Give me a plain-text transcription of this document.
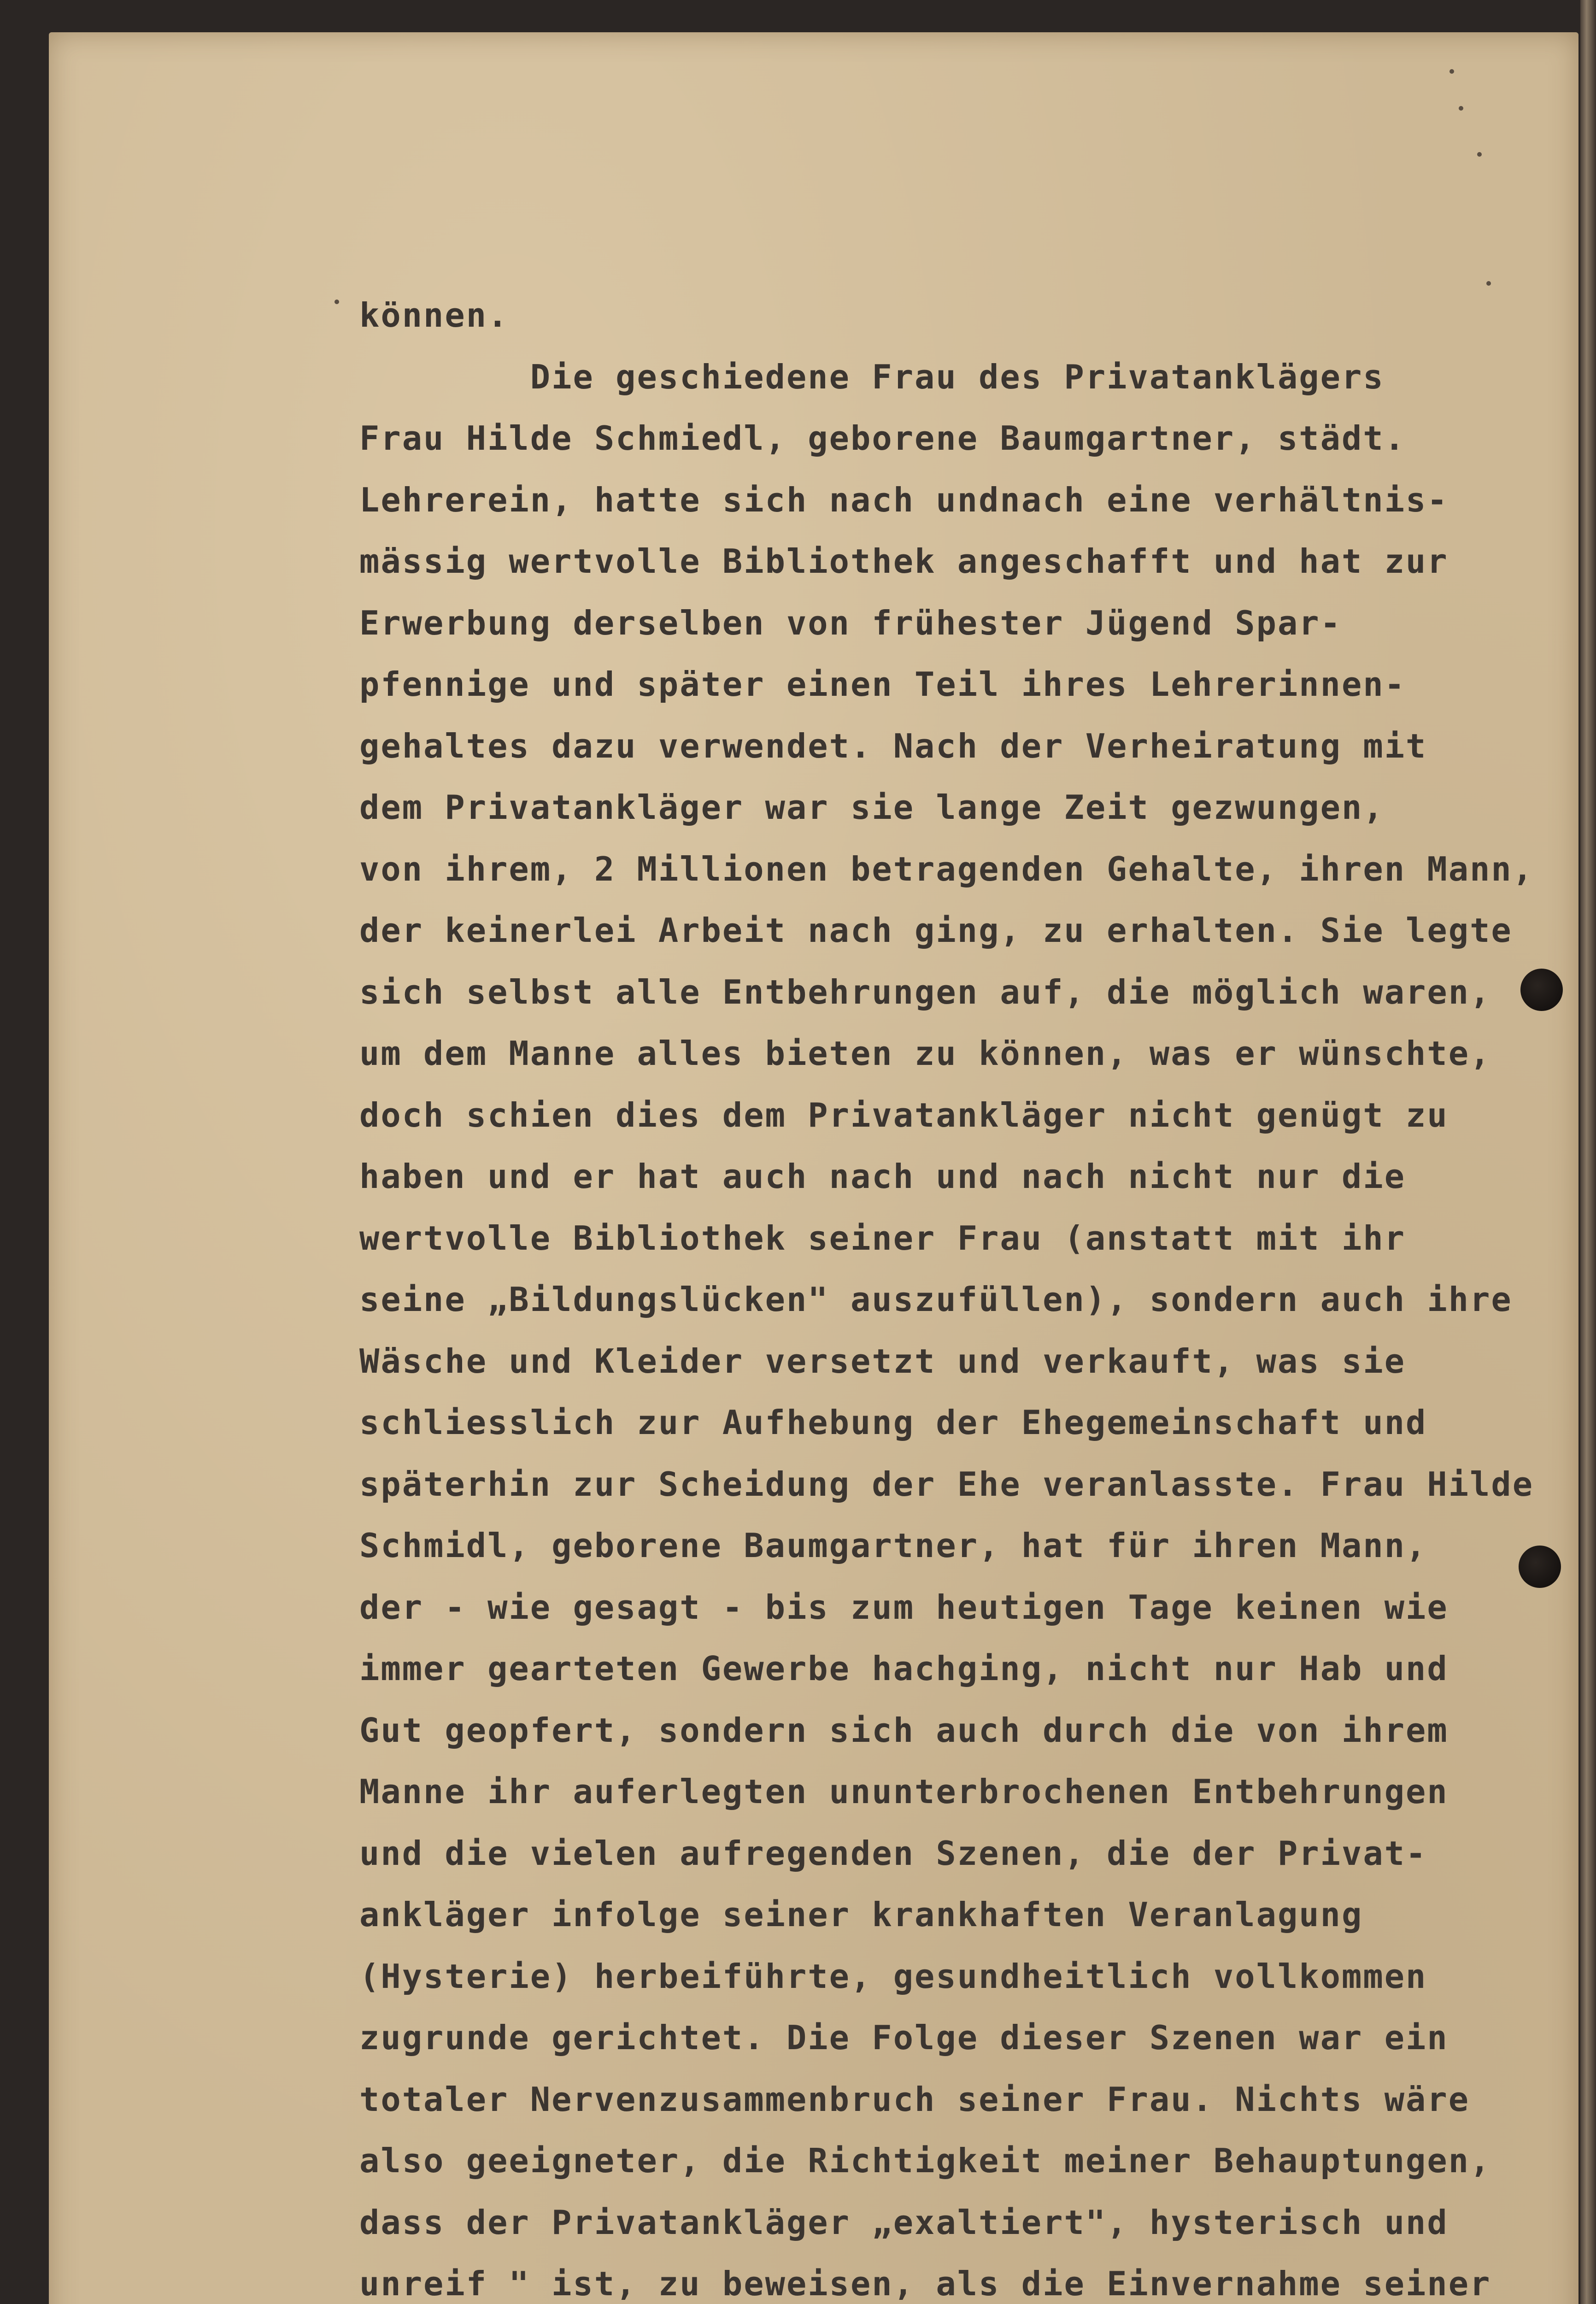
können.
Die geschiedene Frau des Privatanklägers
Frau Hilde Schmiedl, geborene Baumgartner, städt.
Lehrerein, hatte sich nach undnach eine verhältnis-
mässig wertvolle Bibliothek angeschafft und hat zur
Erwerbung derselben von frühester Jügend Spar-
pfennige und später einen Teil ihres Lehrerinnen-
gehaltes dazu verwendet. Nach der Verheiratung mit
dem Privatankläger war sie lange Zeit gezwungen,
von ihrem, 2 Millionen betragenden Gehalte, ihren Mann,
der keinerlei Arbeit nach ging, zu erhalten. Sie legte
sich selbst alle Entbehrungen auf, die möglich waren,
um dem Manne alles bieten zu können, was er wünschte,
doch schien dies dem Privatankläger nicht genügt zu
haben und er hat auch nach und nach nicht nur die
wertvolle Bibliothek seiner Frau (anstatt mit ihr
seine „Bildungslücken" auszufüllen), sondern auch ihre
Wäsche und Kleider versetzt und verkauft, was sie
schliesslich zur Aufhebung der Ehegemeinschaft und
späterhin zur Scheidung der Ehe veranlasste. Frau Hilde
Schmidl, geborene Baumgartner, hat für ihren Mann,
der - wie gesagt - bis zum heutigen Tage keinen wie
immer gearteten Gewerbe hachging, nicht nur Hab und
Gut geopfert, sondern sich auch durch die von ihrem
Manne ihr auferlegten ununterbrochenen Entbehrungen
und die vielen aufregenden Szenen, die der Privat-
ankläger infolge seiner krankhaften Veranlagung
(Hysterie) herbeiführte, gesundheitlich vollkommen
zugrunde gerichtet. Die Folge dieser Szenen war ein
totaler Nervenzusammenbruch seiner Frau. Nichts wäre
also geeigneter, die Richtigkeit meiner Behauptungen,
dass der Privatankläger „exaltiert", hysterisch und
unreif " ist, zu beweisen, als die Einvernahme seiner
